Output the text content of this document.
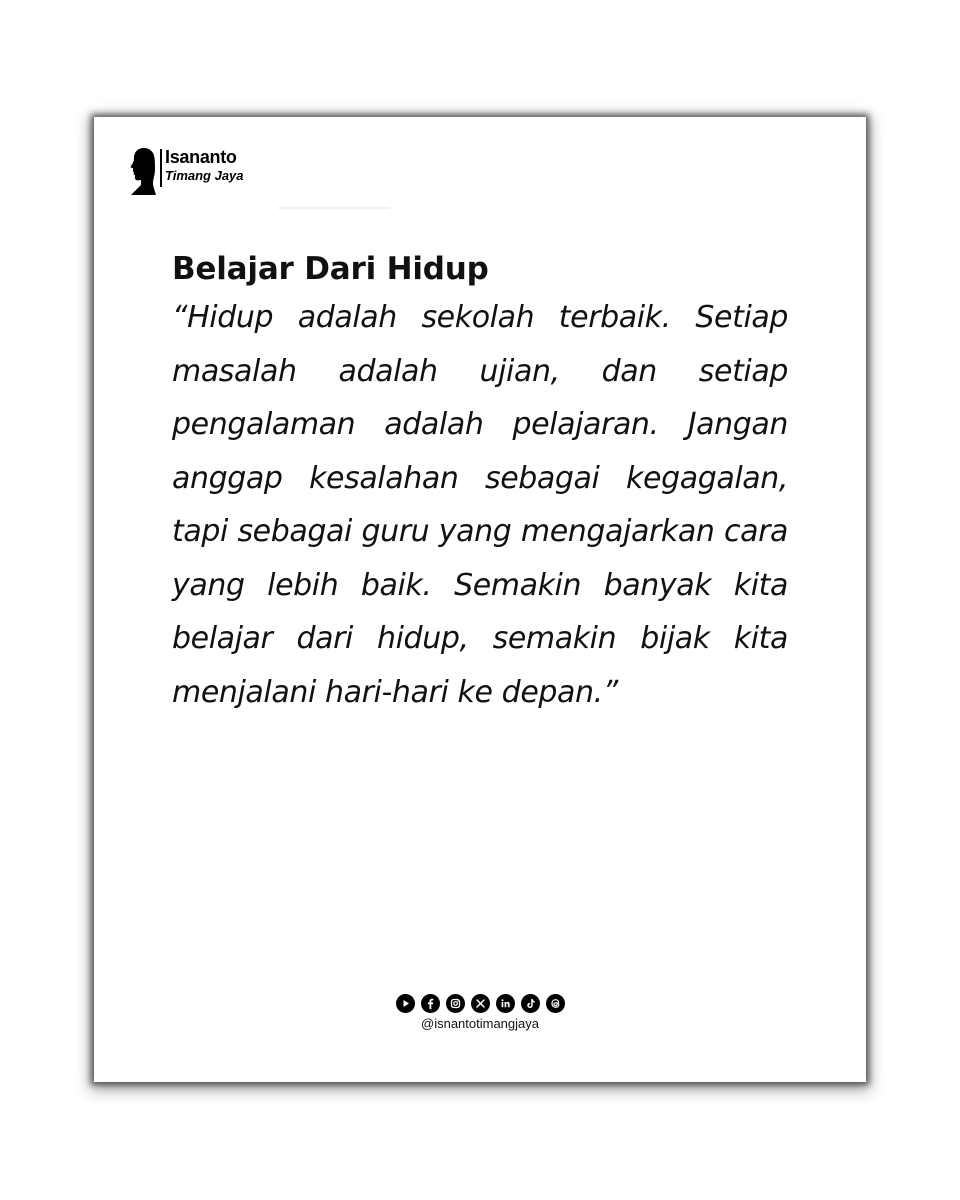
Isananto
Timang Jaya
Belajar Dari Hidup

“Hidup adalah sekolah terbaik. Setiap masalah adalah ujian, dan setiap pengalaman adalah pelajaran. Jangan anggap kesalahan sebagai kegagalan, tapi sebagai guru yang mengajarkan cara yang lebih baik. Semakin banyak kita belajar dari hidup, semakin bijak kita menjalani hari-hari ke depan.”

@isnantotimangjaya
